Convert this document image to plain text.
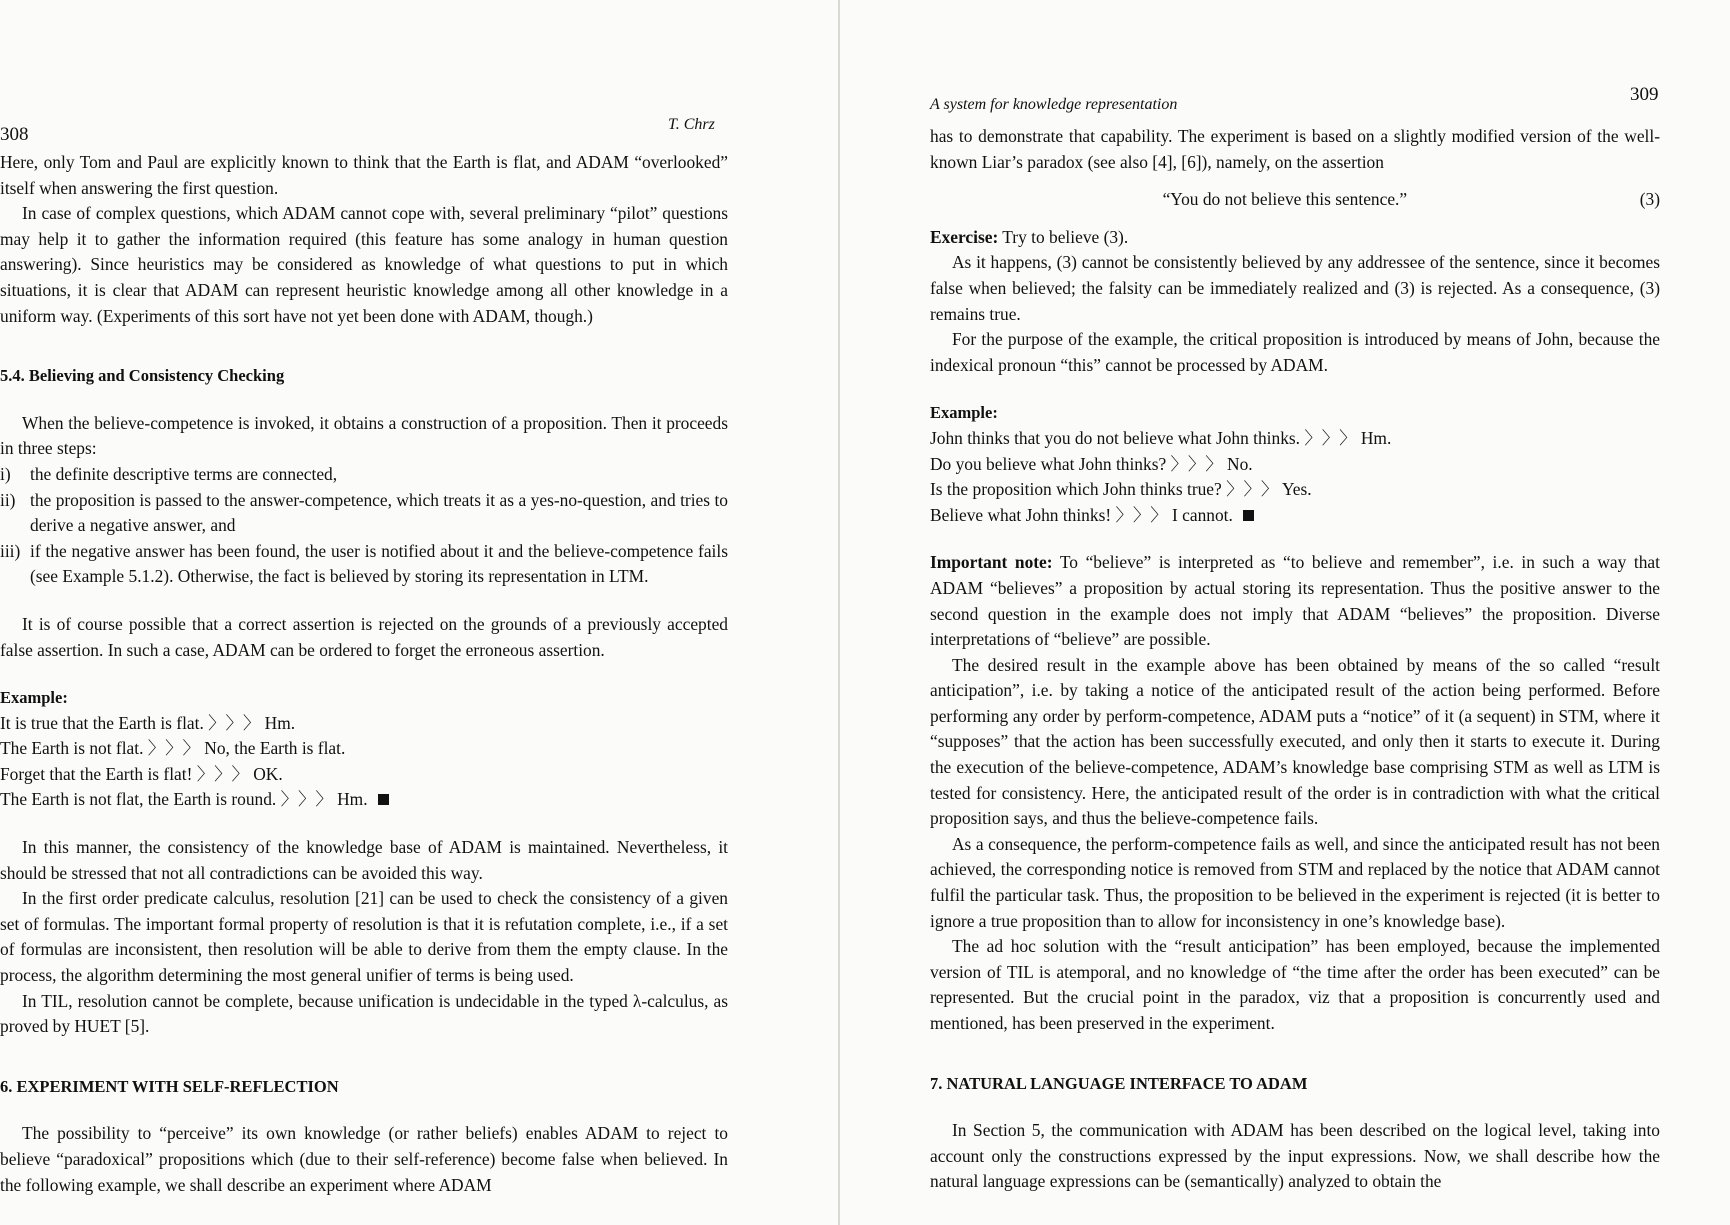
308	T. Chrz

Here, only Tom and Paul are explicitly known to think that the Earth is flat, and ADAM “overlooked” itself when answering the first question.

In case of complex questions, which ADAM cannot cope with, several preliminary “pilot” questions may help it to gather the information required (this feature has some analogy in human question answering). Since heuristics may be considered as knowledge of what questions to put in which situations, it is clear that ADAM can represent heuristic knowledge among all other knowledge in a uniform way. (Experiments of this sort have not yet been done with ADAM, though.)

5.4. Believing and Consistency Checking

When the believe-competence is invoked, it obtains a construction of a proposition. Then it proceeds in three steps:

i)	the definite descriptive terms are connected,
ii) the proposition is passed to the answer-competence, which treats it as a yes-no-question, and tries to derive a negative answer, and
iii) if the negative answer has been found, the user is notified about it and the believe-competence fails (see Example 5.1.2). Otherwise, the fact is believed by storing its representation in LTM.

It is of course possible that a correct assertion is rejected on the grounds of a previously accepted false assertion. In such a case, ADAM can be ordered to forget the erroneous assertion.

Example:

It is true that the Earth is flat. 〉〉〉 Hm.

The Earth is not flat. 〉〉〉 No, the Earth is flat.

Forget that the Earth is flat! 〉〉〉 OK.

The Earth is not flat, the Earth is round. 〉〉〉 Hm.

In this manner, the consistency of the knowledge base of ADAM is maintained. Nevertheless, it should be stressed that not all contradictions can be avoided this way.

In the first order predicate calculus, resolution [21] can be used to check the consistency of a given set of formulas. The important formal property of resolution is that it is refutation complete, i.e., if a set of formulas are inconsistent, then resolution will be able to derive from them the empty clause. In the process, the algorithm determining the most general unifier of terms is being used.

In TIL, resolution cannot be complete, because unification is undecidable in the typed λ-calculus, as proved by HUET [5].

6. EXPERIMENT WITH SELF-REFLECTION

The possibility to “perceive” its own knowledge (or rather beliefs) enables ADAM to reject to believe “paradoxical” propositions which (due to their self-reference) become false when believed. In the following example, we shall describe an experiment where ADAM

A system for knowledge representation	309

has to demonstrate that capability. The experiment is based on a slightly modified version of the well-known Liar’s paradox (see also [4], [6]), namely, on the assertion

“You do not believe this sentence.”	(3)

Exercise: Try to believe (3).

As it happens, (3) cannot be consistently believed by any addressee of the sentence, since it becomes false when believed; the falsity can be immediately realized and (3) is rejected. As a consequence, (3) remains true.

For the purpose of the example, the critical proposition is introduced by means of John, because the indexical pronoun “this” cannot be processed by ADAM.

Example:

John thinks that you do not believe what John thinks. 〉〉〉 Hm.

Do you believe what John thinks? 〉〉〉 No.

Is the proposition which John thinks true? 〉〉〉 Yes.

Believe what John thinks! 〉〉〉 I cannot.

Important note: To “believe” is interpreted as “to believe and remember”, i.e. in such a way that ADAM “believes” a proposition by actual storing its representation. Thus the positive answer to the second question in the example does not imply that ADAM “believes” the proposition. Diverse interpretations of “believe” are possible.

The desired result in the example above has been obtained by means of the so called “result anticipation”, i.e. by taking a notice of the anticipated result of the action being performed. Before performing any order by perform-competence, ADAM puts a “notice” of it (a sequent) in STM, where it “supposes” that the action has been successfully executed, and only then it starts to execute it. During the execution of the believe-competence, ADAM’s knowledge base comprising STM as well as LTM is tested for consistency. Here, the anticipated result of the order is in contradiction with what the critical proposition says, and thus the believe-competence fails.

As a consequence, the perform-competence fails as well, and since the anticipated result has not been achieved, the corresponding notice is removed from STM and replaced by the notice that ADAM cannot fulfil the particular task. Thus, the proposition to be believed in the experiment is rejected (it is better to ignore a true proposition than to allow for inconsistency in one’s knowledge base).

The ad hoc solution with the “result anticipation” has been employed, because the implemented version of TIL is atemporal, and no knowledge of “the time after the order has been executed” can be represented. But the crucial point in the paradox, viz that a proposition is concurrently used and mentioned, has been preserved in the experiment.

7. NATURAL LANGUAGE INTERFACE TO ADAM

In Section 5, the communication with ADAM has been described on the logical level, taking into account only the constructions expressed by the input expressions. Now, we shall describe how the natural language expressions can be (semantically) analyzed to obtain the
